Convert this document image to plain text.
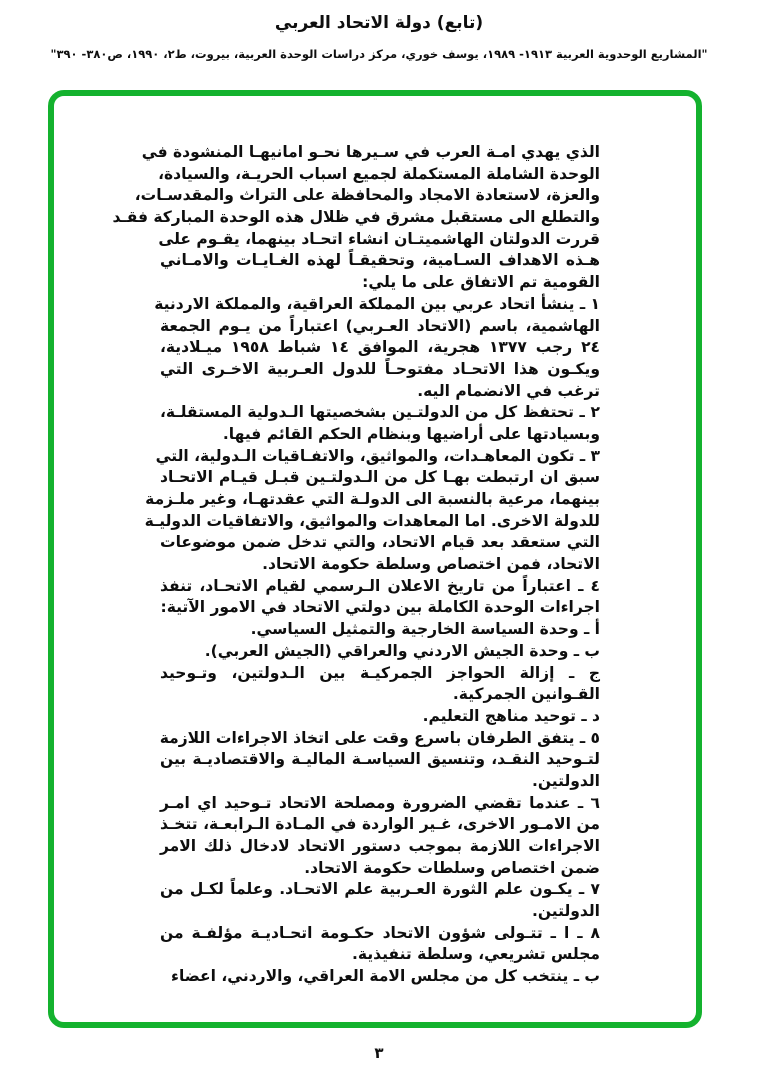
(تابع) دولة الاتحاد العربي
"المشاريع الوحدوية العربية ١٩١٣- ١٩٨٩، يوسف خوري، مركز دراسات الوحدة العربية، بيروت، ط٢، ١٩٩٠، ص٣٨٠- ٣٩٠"
الذي يهدي امـة العرب في سـيرها نحـو امانيهـا المنشودة في
الوحدة الشاملة المستكملة لجميع اسباب الحريـة، والسيادة،
والعزة، لاستعادة الامجاد والمحافظة على التراث والمقدسـات،
والتطلع الى مستقبل مشرق في ظلال هذه الوحدة المباركة فقـد
قررت الدولتان الهاشميتـان انشاء اتحـاد بينهما، يقـوم على
هـذه الاهداف السـامية، وتحقيقـاً لهذه الغـايـات والامـاني
القومية تم الاتفاق على ما يلي:
١ ـ ينشأ اتحاد عربي بين المملكة العراقية، والمملكة الاردنية
الهاشمية، باسم (الاتحاد العـربي) اعتباراً من يـوم الجمعة
٢٤ رجب ١٣٧٧ هجرية، الموافق ١٤ شباط ١٩٥٨ ميـلادية،
ويكـون هذا الاتحـاد مفتوحـاً للدول العـربية الاخـرى التي
ترغب في الانضمام اليه.
٢ ـ تحتفظ كل من الدولتـين بشخصيتها الـدولية المستقلـة،
وبسيادتها على أراضيها وبنظام الحكم القائم فيها.
٣ ـ تكون المعاهـدات، والمواثيق، والاتفـاقيات الـدولية، التي
سبق ان ارتبطت بهـا كل من الـدولتـين قبـل قيـام الاتحـاد
بينهما، مرعية بالنسبة الى الدولـة التي عقدتهـا، وغير ملـزمة
للدولة الاخرى. اما المعاهدات والمواثيق، والاتفاقيات الدوليـة
التي ستعقد بعد قيام الاتحاد، والتي تدخل ضمن موضوعات
الاتحاد، فمن اختصاص وسلطة حكومة الاتحاد.
٤ ـ اعتباراً من تاريخ الاعلان الـرسمي لقيام الاتحـاد، تنفذ
اجراءات الوحدة الكاملة بين دولتي الاتحاد في الامور الآتية:
أ ـ وحدة السياسة الخارجية والتمثيل السياسي.
ب ـ وحدة الجيش الاردني والعراقي (الجيش العربي).
ج ـ إزالة الحواجز الجمركيـة بين الـدولتين، وتـوحيد
القـوانين الجمركية.
د ـ توحيد مناهج التعليم.
٥ ـ يتفق الطرفان باسرع وقت على اتخاذ الاجراءات اللازمة
لتـوحيد النقـد، وتنسيق السياسـة الماليـة والاقتصاديـة بين
الدولتين.
٦ ـ عندما تقضي الضرورة ومصلحة الاتحاد تـوحيد اي امـر
من الامـور الاخرى، غـير الواردة في المـادة الـرابعـة، تتخـذ
الاجراءات اللازمة بموجب دستور الاتحاد لادخال ذلك الامر
ضمن اختصاص وسلطات حكومة الاتحاد.
٧ ـ يكـون علم الثورة العـربية علم الاتحـاد. وعلماً لكـل من
الدولتين.
٨ ـ ا ـ تتـولى شؤون الاتحاد حكـومة اتحـاديـة مؤلفـة من
مجلس تشريعي، وسلطة تنفيذية.
ب ـ ينتخب كل من مجلس الامة العراقي، والاردني، اعضاء
٣
